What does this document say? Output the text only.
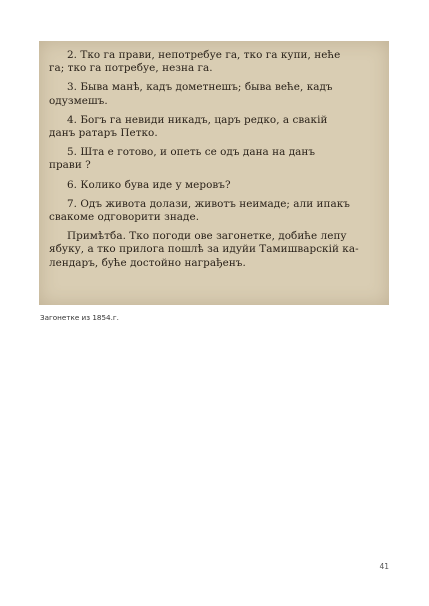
2. Тко га прави, непотребуе га, тко га купи, нећe
га; тко га потребуе, незна га.

3. Быва манѣ, кадъ дометнешъ; быва веће, кадъ
одузмешъ.

4. Богъ га невиди никадъ, царъ редко, а свакій
данъ ратаръ Петко.

5. Шта е готово, и опеть се одъ дана на данъ
прави ?

6. Колико бува иде у меровъ?

7. Одъ живота долази, животъ неимаде; али ипакъ
свакоме одговорити знаде.

Примѣтба. Тко погоди ове загонетке, добиће лепу
ябуку, а тко прилога пошлѣ за идуйи Тамишварскій ка-
лендаръ, бyће достойно награђенъ.

Загонетке из 1854.г.
41
